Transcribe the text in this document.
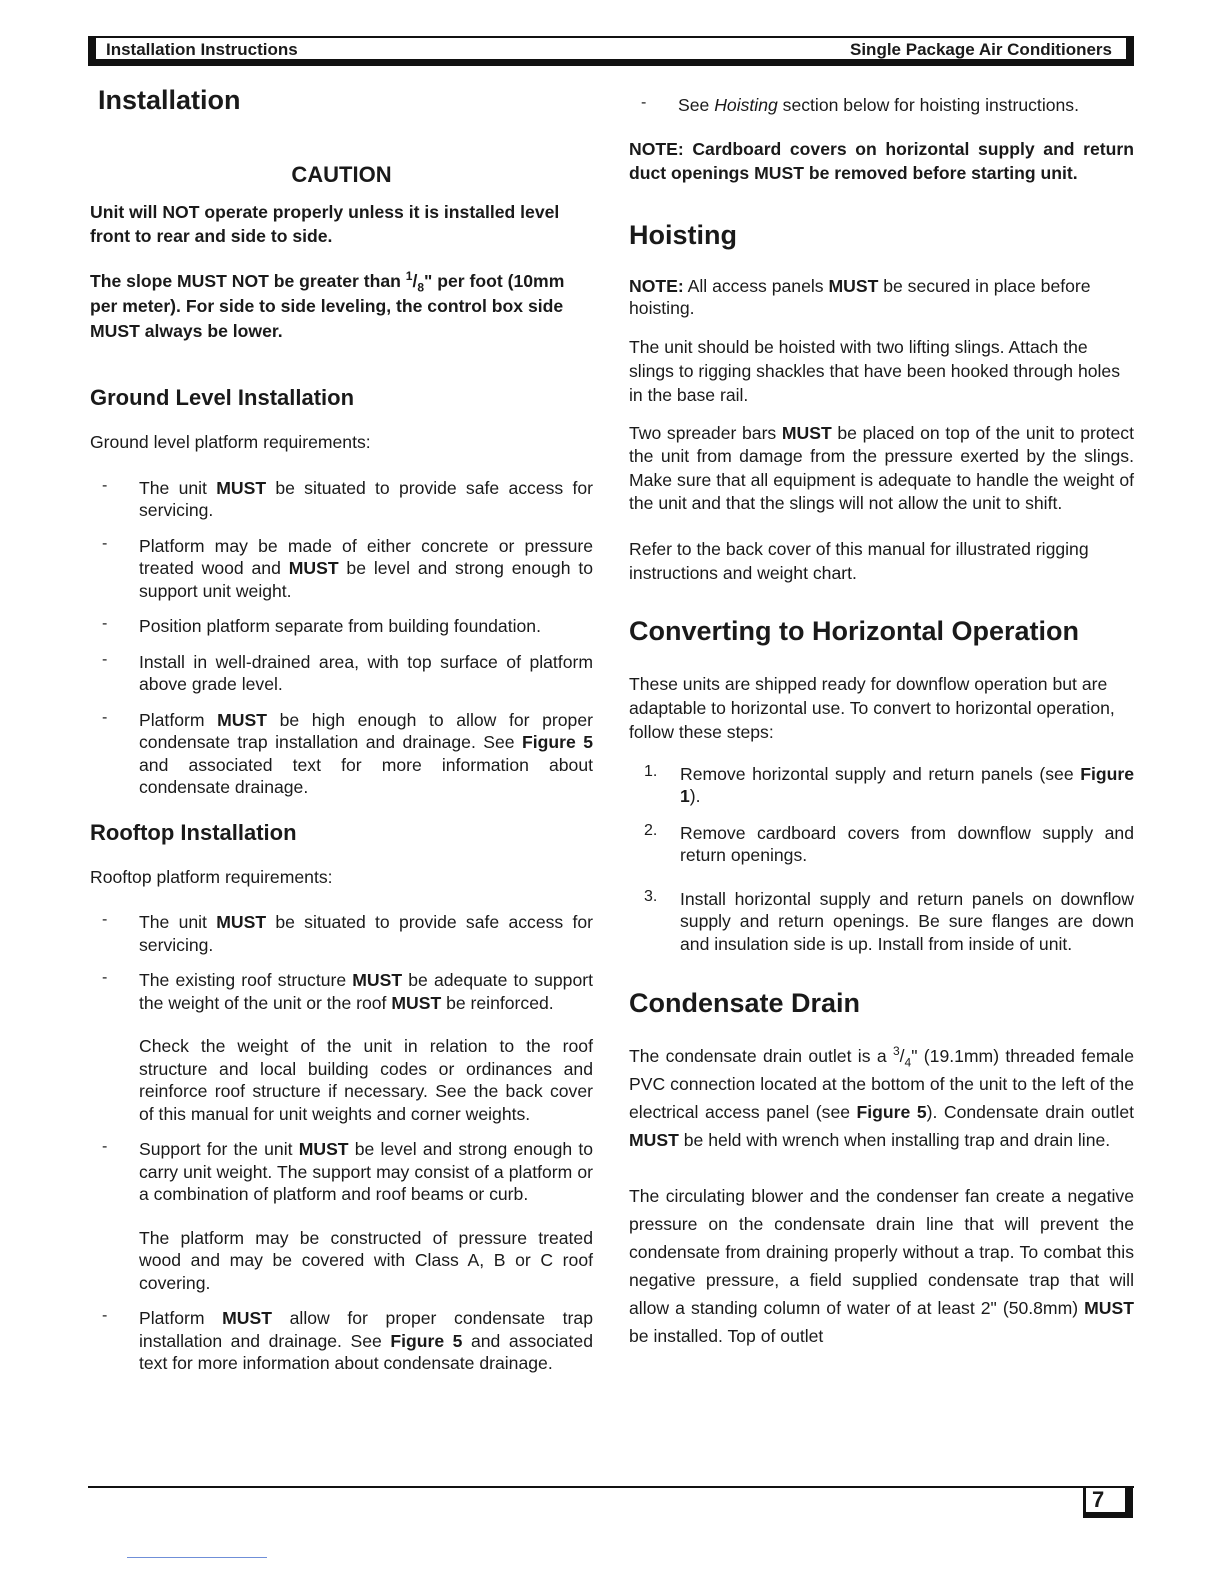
Installation Instructions	Single Package Air Conditioners

Installation

CAUTION

Unit will NOT operate properly unless it is installed level front to rear and side to side.

The slope MUST NOT be greater than $^1/_8$" per foot (10mm per meter). For side to side leveling, the control box side MUST always be lower.

Ground Level Installation

Ground level platform requirements:

- The unit MUST be situated to provide safe access for servicing.

- Platform may be made of either concrete or pressure treated wood and MUST be level and strong enough to support unit weight.

- Position platform separate from building foundation.

- Install in well-drained area, with top surface of platform above grade level.

- Platform MUST be high enough to allow for proper condensate trap installation and drainage. See Figure 5 and associated text for more information about condensate drainage.

Rooftop Installation

Rooftop platform requirements:

- The unit MUST be situated to provide safe access for servicing.

- The existing roof structure MUST be adequate to support the weight of the unit or the roof MUST be reinforced.

Check the weight of the unit in relation to the roof structure and local building codes or ordinances and reinforce roof structure if necessary. See the back cover of this manual for unit weights and corner weights.

- Support for the unit MUST be level and strong enough to carry unit weight. The support may consist of a platform or a combination of platform and roof beams or curb.

The platform may be constructed of pressure treated wood and may be covered with Class A, B or C roof covering.

- Platform MUST allow for proper condensate trap installation and drainage. See Figure 5 and associated text for more information about condensate drainage.

- See Hoisting section below for hoisting instructions.

NOTE: Cardboard covers on horizontal supply and return duct openings MUST be removed before starting unit.

Hoisting

NOTE: All access panels MUST be secured in place before hoisting.

The unit should be hoisted with two lifting slings. Attach the slings to rigging shackles that have been hooked through holes in the base rail.

Two spreader bars MUST be placed on top of the unit to protect the unit from damage from the pressure exerted by the slings. Make sure that all equipment is adequate to handle the weight of the unit and that the slings will not allow the unit to shift.

Refer to the back cover of this manual for illustrated rigging instructions and weight chart.

Converting to Horizontal Operation

These units are shipped ready for downflow operation but are adaptable to horizontal use. To convert to horizontal operation, follow these steps:

1. Remove horizontal supply and return panels (see Figure 1).

2. Remove cardboard covers from downflow supply and return openings.

3. Install horizontal supply and return panels on downflow supply and return openings. Be sure flanges are down and insulation side is up. Install from inside of unit.

Condensate Drain

The condensate drain outlet is a $^3/_4$" (19.1mm) threaded female PVC connection located at the bottom of the unit to the left of the electrical access panel (see Figure 5). Condensate drain outlet MUST be held with wrench when installing trap and drain line.

The circulating blower and the condenser fan create a negative pressure on the condensate drain line that will prevent the condensate from draining properly without a trap. To combat this negative pressure, a field supplied condensate trap that will allow a standing column of water of at least 2" (50.8mm) MUST be installed. Top of outlet

7
